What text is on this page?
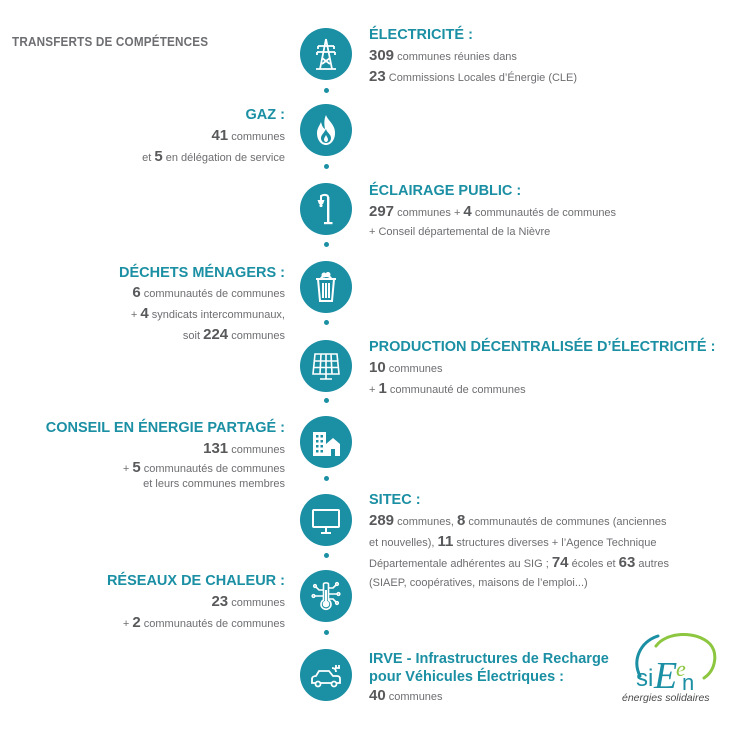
TRANSFERTS DE COMPÉTENCES	ÉLECTRICITÉ :
309 communes réunies dans
23 Commissions Locales d’Énergie (CLE)
ÉCLAIRAGE PUBLIC :
297 communes + 4 communautés de communes
+ Conseil départemental de la Nièvre
PRODUCTION DÉCENTRALISÉE D’ÉLECTRICITÉ :
10 communes
+ 1 communauté de communes
SITEC :
289 communes, 8 communautés de communes (anciennes
et nouvelles), 11 structures diverses + l’Agence Technique
Départementale adhérentes au SIG ; 74 écoles et 63 autres
(SIAEP, coopératives, maisons de l’emploi...)
IRVE - Infrastructures de Recharge
pour Véhicules Électriques :
40 communes
GAZ :
41 communes
et 5 en délégation de service
DÉCHETS MÉNAGERS :
6 communautés de communes
+ 4 syndicats intercommunaux,
soit 224 communes
CONSEIL EN ÉNERGIE PARTAGÉ :
131 communes
+ 5 communautés de communes
et leurs communes membres
RÉSEAUX DE CHALEUR :
23 communes
+ 2 communautés de communes
si E
e
n
énergies solidaires
